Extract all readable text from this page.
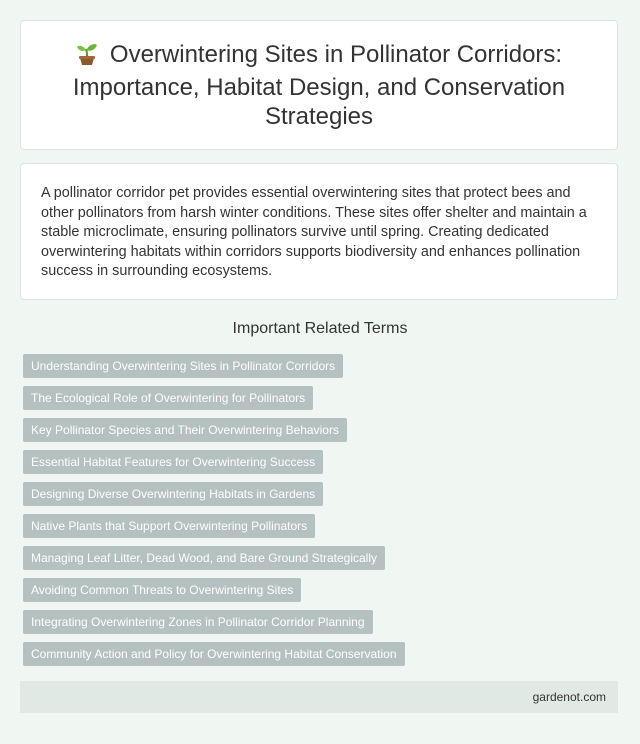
Overwintering Sites in Pollinator Corridors: Importance, Habitat Design, and Conservation Strategies

A pollinator corridor pet provides essential overwintering sites that protect bees and other pollinators from harsh winter conditions. These sites offer shelter and maintain a stable microclimate, ensuring pollinators survive until spring. Creating dedicated overwintering habitats within corridors supports biodiversity and enhances pollination success in surrounding ecosystems.

Important Related Terms
Understanding Overwintering Sites in Pollinator Corridors
The Ecological Role of Overwintering for Pollinators
Key Pollinator Species and Their Overwintering Behaviors
Essential Habitat Features for Overwintering Success
Designing Diverse Overwintering Habitats in Gardens
Native Plants that Support Overwintering Pollinators
Managing Leaf Litter, Dead Wood, and Bare Ground Strategically
Avoiding Common Threats to Overwintering Sites
Integrating Overwintering Zones in Pollinator Corridor Planning
Community Action and Policy for Overwintering Habitat Conservation
gardenot.com
